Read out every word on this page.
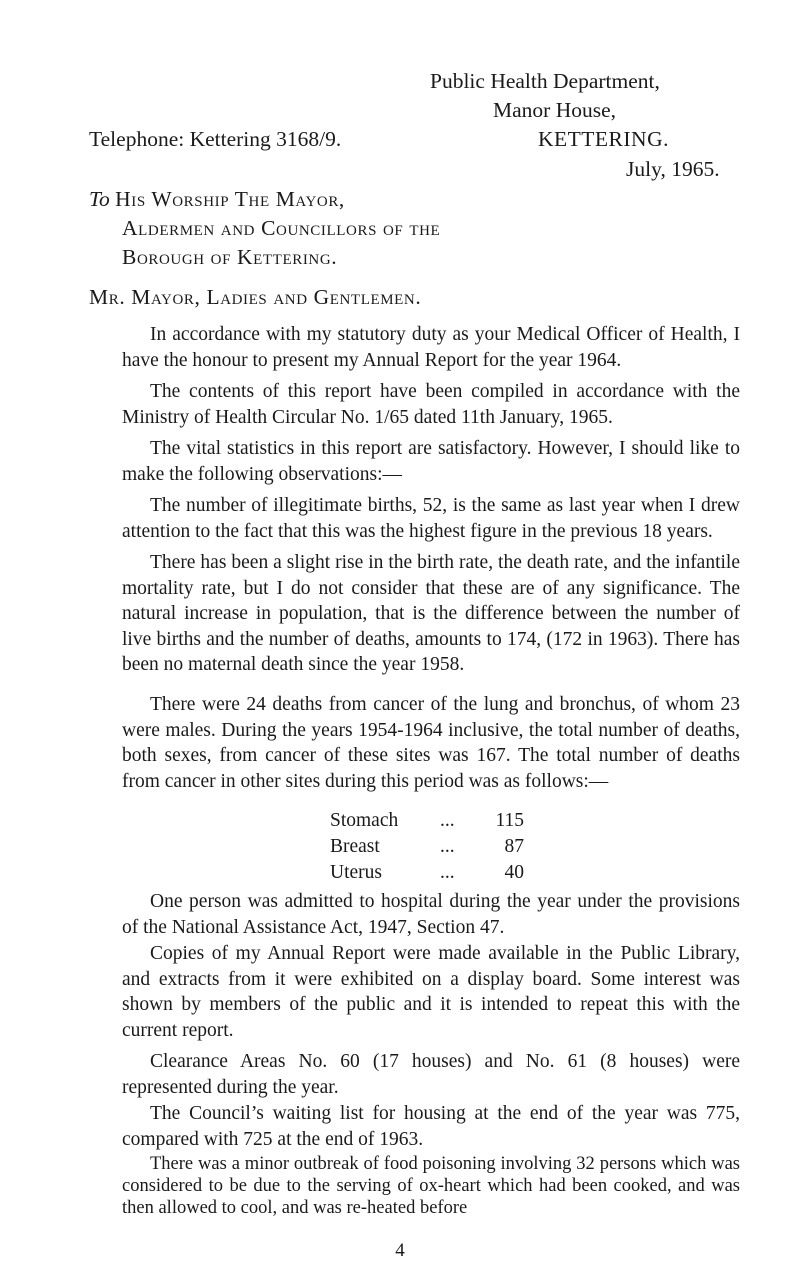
Public Health Department,
Manor House,
Telephone: Kettering 3168/9.	KETTERING.
July, 1965.
To His Worship The Mayor,
Aldermen and Councillors of the
Borough of Kettering.
Mr. Mayor, Ladies and Gentlemen.
In accordance with my statutory duty as your Medical Officer of Health, I have the honour to present my Annual Report for the year 1964.
The contents of this report have been compiled in accordance with the Ministry of Health Circular No. 1/65 dated 11th January, 1965.
The vital statistics in this report are satisfactory. However, I should like to make the following observations:—
The number of illegitimate births, 52, is the same as last year when I drew attention to the fact that this was the highest figure in the previous 18 years.
There has been a slight rise in the birth rate, the death rate, and the infantile mortality rate, but I do not consider that these are of any significance. The natural increase in population, that is the difference between the number of live births and the number of deaths, amounts to 174, (172 in 1963). There has been no maternal death since the year 1958.
There were 24 deaths from cancer of the lung and bronchus, of whom 23 were males. During the years 1954-1964 inclusive, the total number of deaths, both sexes, from cancer of these sites was 167. The total number of deaths from cancer in other sites during this period was as follows:—
Stomach ... 115
Breast	...	87
Uterus	...	40
One person was admitted to hospital during the year under the provisions of the National Assistance Act, 1947, Section 47.
Copies of my Annual Report were made available in the Public Library, and extracts from it were exhibited on a display board. Some interest was shown by members of the public and it is intended to repeat this with the current report.
Clearance Areas No. 60 (17 houses) and No. 61 (8 houses) were represented during the year.
4
The Council’s waiting list for housing at the end of the year was 775, compared with 725 at the end of 1963.
There was a minor outbreak of food poisoning involving 32 persons which was considered to be due to the serving of ox-heart which had been cooked, and was then allowed to cool, and was re-heated before
